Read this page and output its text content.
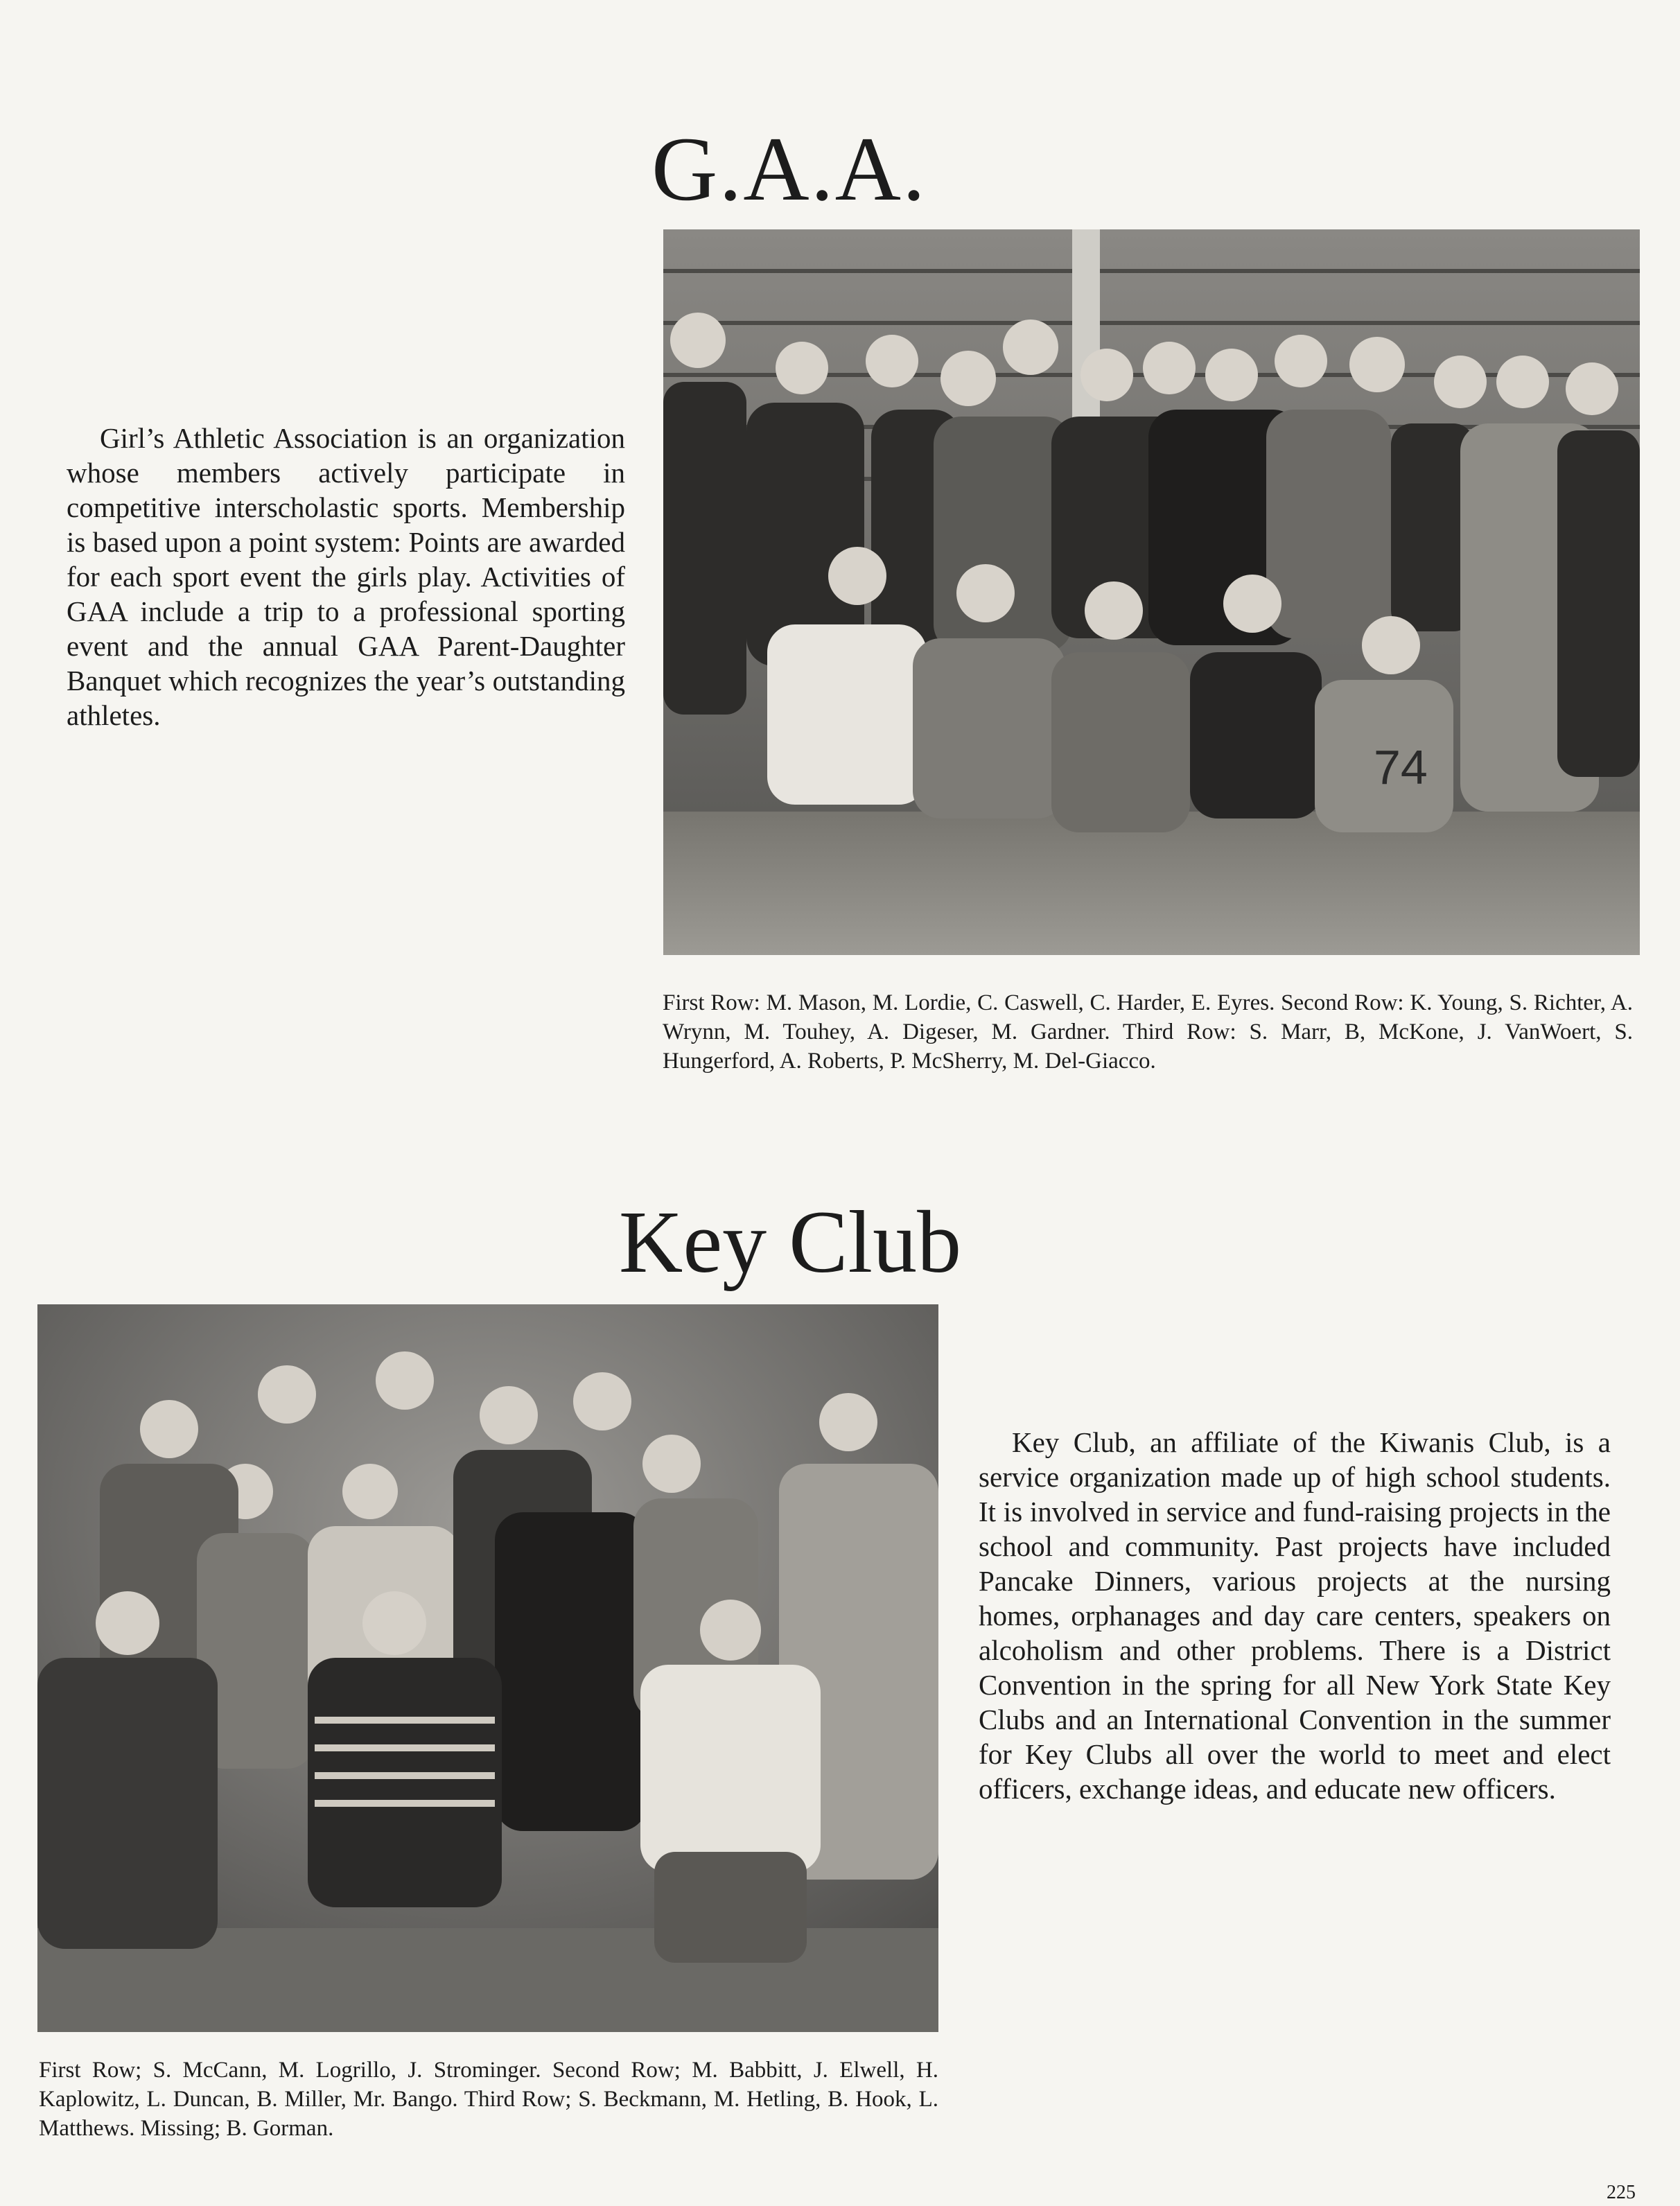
G.A.A.

Girl’s Athletic Association is an organization whose members actively participate in competitive interscholastic sports. Membership is based upon a point system: Points are awarded for each sport event the girls play. Activities of GAA include a trip to a professional sporting event and the annual GAA Parent-Daughter Banquet which recognizes the year’s outstanding athletes.

74

First Row: M. Mason, M. Lordie, C. Caswell, C. Harder, E. Eyres. Second Row: K. Young, S. Richter, A. Wrynn, M. Touhey, A. Digeser, M. Gardner. Third Row: S. Marr, B, McKone, J. VanWoert, S. Hungerford, A. Roberts, P. McSherry, M. Del-Giacco.

Key Club

Key Club, an affiliate of the Kiwanis Club, is a service organization made up of high school students. It is involved in service and fund-raising projects in the school and community. Past projects have included Pancake Dinners, various projects at the nursing homes, orphanages and day care centers, speakers on alcoholism and other problems. There is a District Convention in the spring for all New York State Key Clubs and an International Convention in the summer for Key Clubs all over the world to meet and elect officers, exchange ideas, and educate new officers.

First Row; S. McCann, M. Logrillo, J. Strominger. Second Row; M. Babbitt, J. Elwell, H. Kaplowitz, L. Duncan, B. Miller, Mr. Bango. Third Row; S. Beckmann, M. Hetling, B. Hook, L. Matthews. Missing; B. Gorman.

225
